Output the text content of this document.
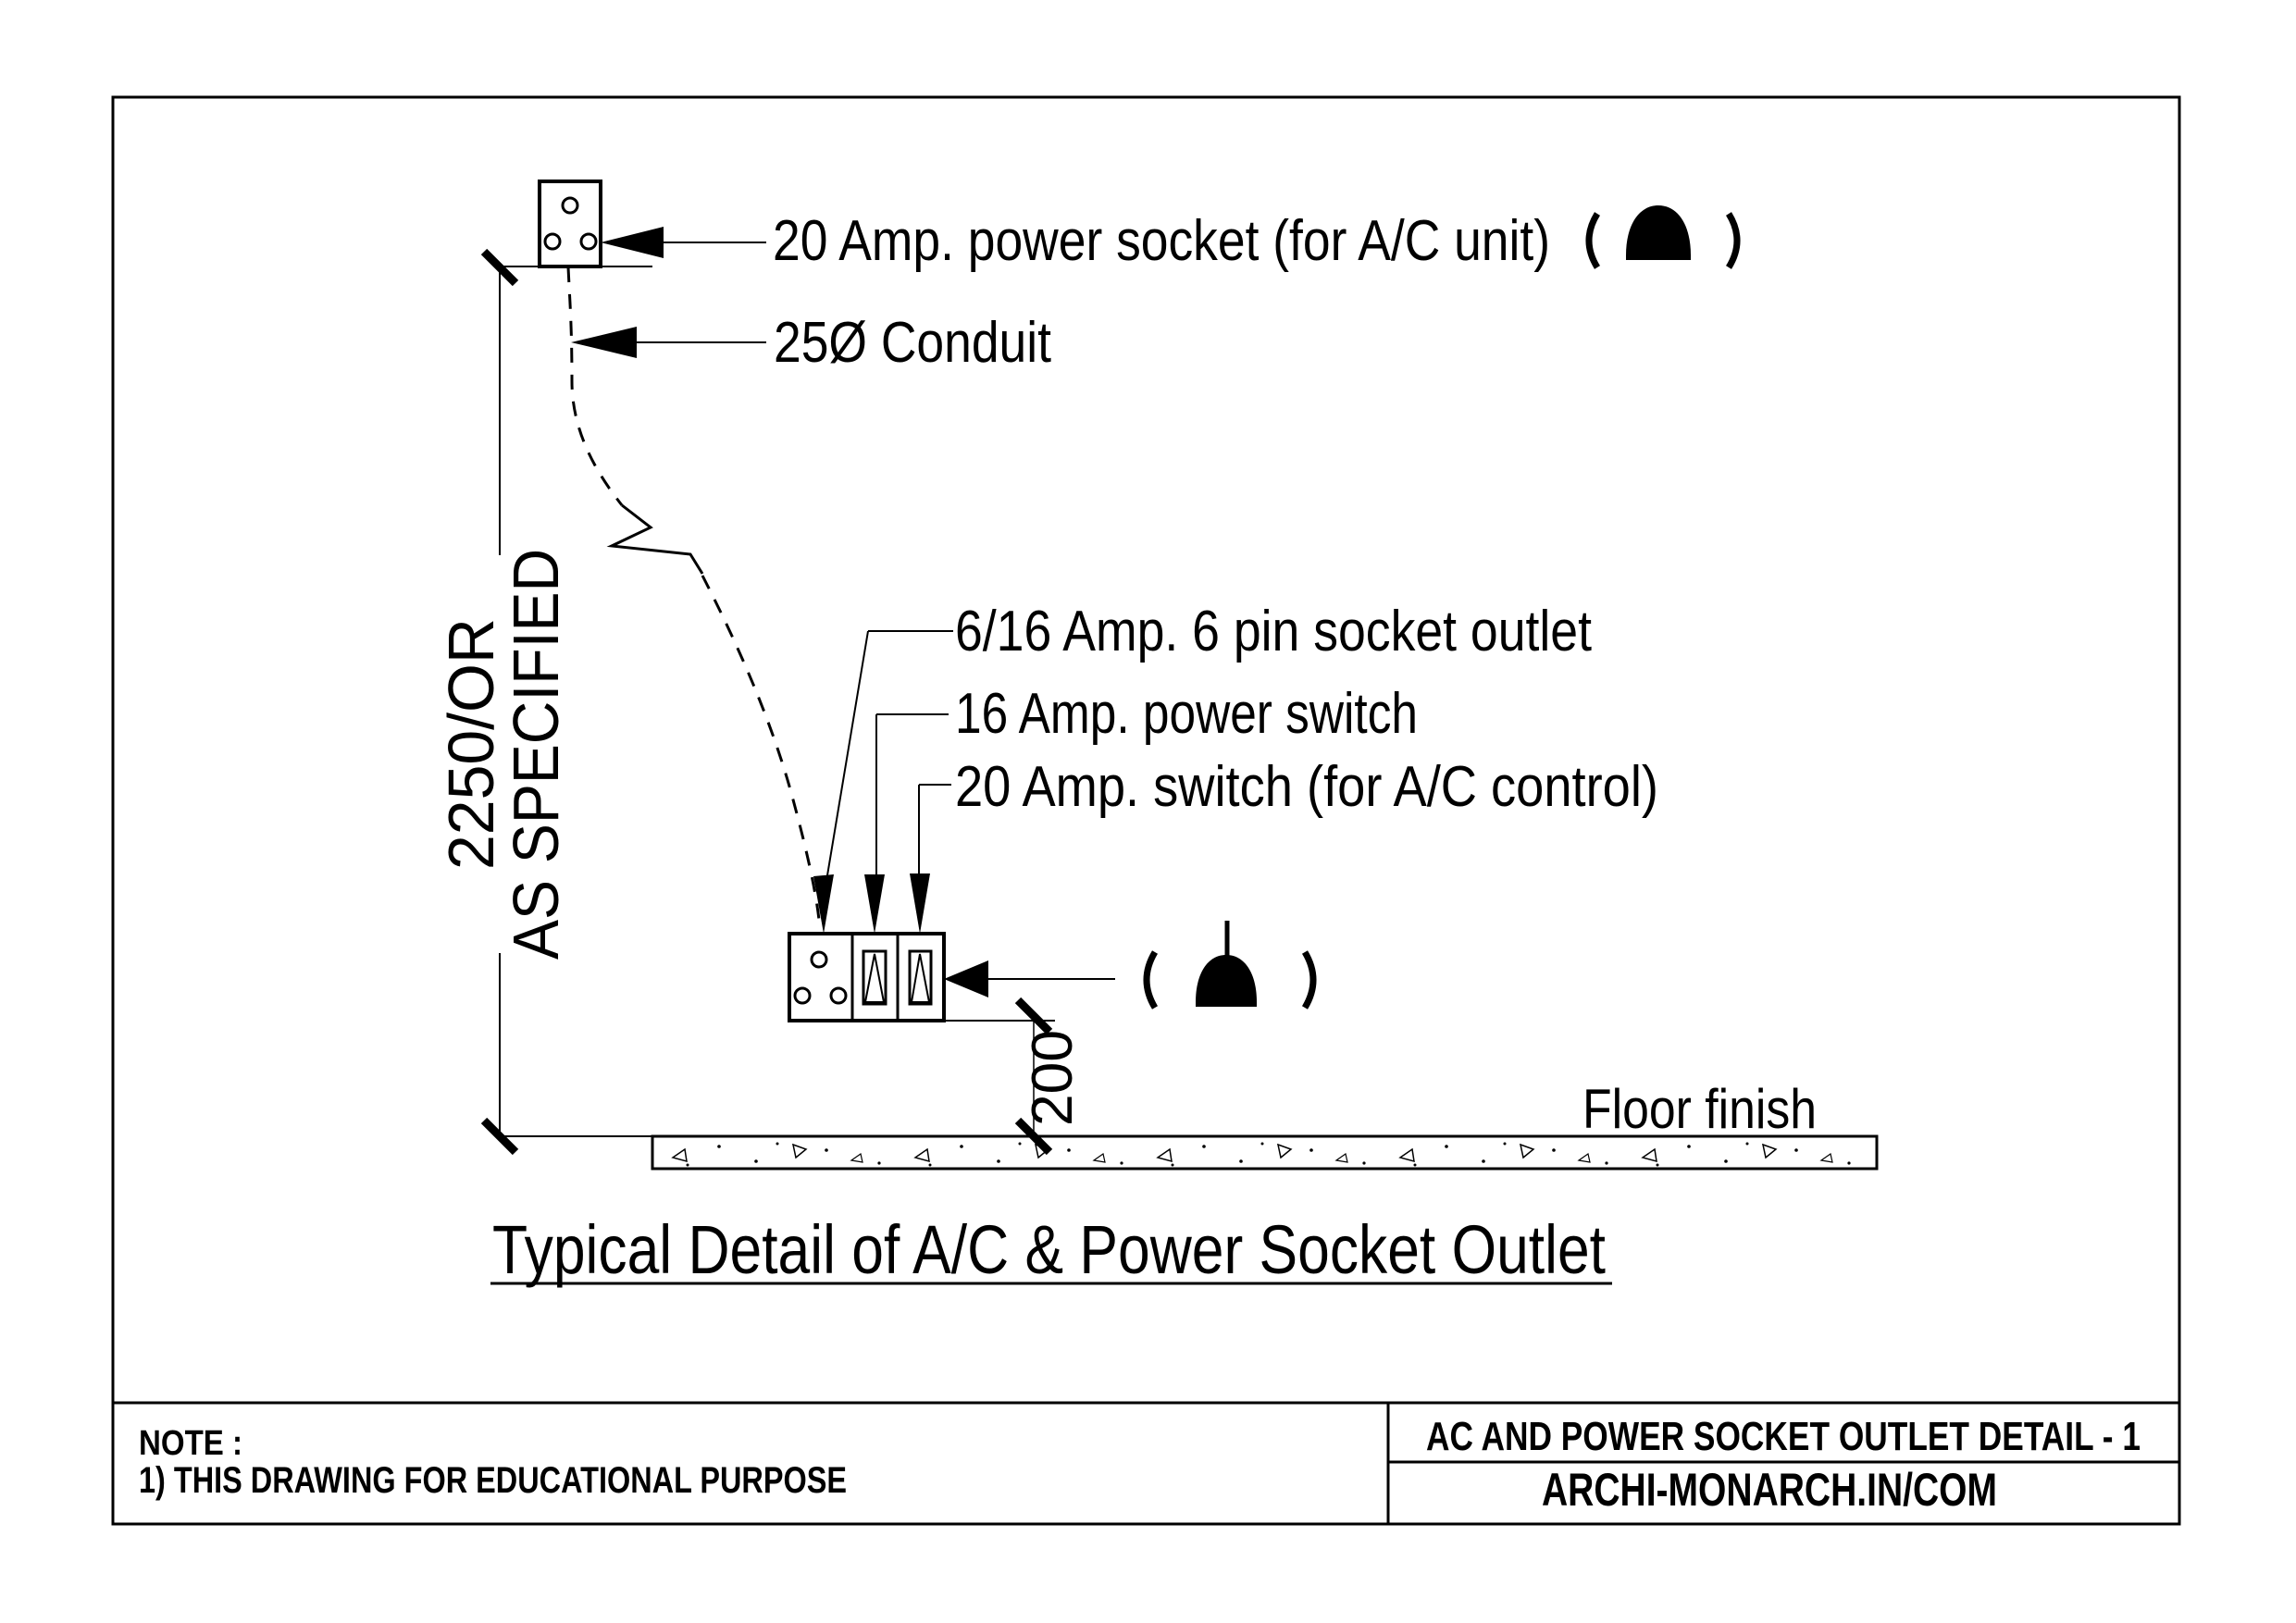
2250/OR
AS SPECIFIED
200
20 Amp. power socket (for A/C unit)
25Ø Conduit
6/16 Amp. 6 pin socket outlet
16 Amp. power switch
20 Amp. switch (for A/C control)
Floor finish
Typical Detail of A/C & Power Socket Outlet
NOTE :
1) THIS DRAWING FOR EDUCATIONAL PURPOSE
AC AND POWER SOCKET OUTLET DETAIL - 1
ARCHI-MONARCH.IN/COM
